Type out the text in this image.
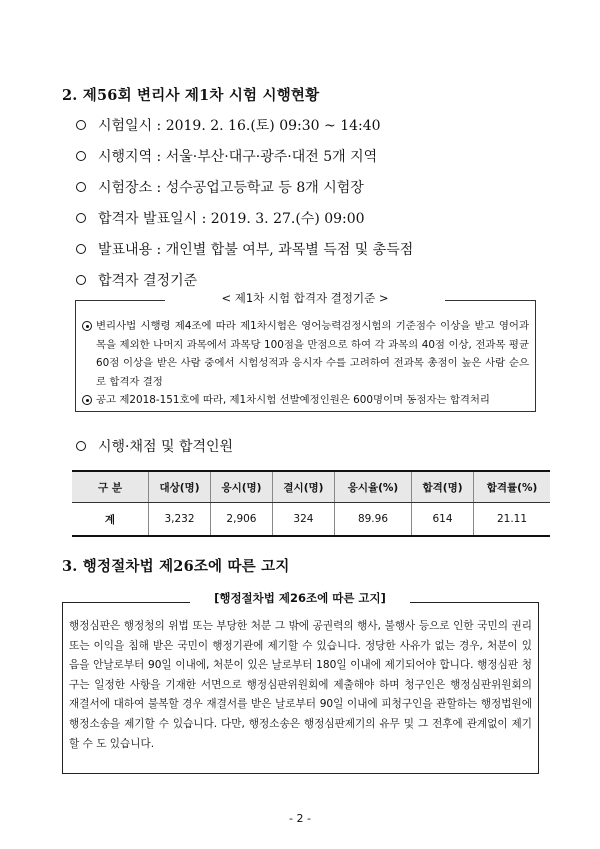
2. 제56회 변리사 제1차 시험 시행현황
시험일시 : 2019. 2. 16.(토) 09:30 ~ 14:40
시행지역 : 서울·부산·대구·광주·대전 5개 지역
시험장소 : 성수공업고등학교 등 8개 시험장
합격자 발표일시 : 2019. 3. 27.(수) 09:00
발표내용 : 개인별 합불 여부, 과목별 득점 및 총득점
합격자 결정기준
변리사법 시행령 제4조에 따라 제1차시험은 영어능력검정시험의 기준점수 이상을 받고 영어과목을 제외한 나머지 과목에서 과목당 100점을 만점으로 하여 각 과목의 40점 이상, 전과목 평균 60점 이상을 받은 사람 중에서 시험성적과 응시자 수를 고려하여 전과목 총점이 높은 사람 순으로 합격자 결정
공고 제2018-151호에 따라, 제1차시험 선발예정인원은 600명이며 동점자는 합격처리
< 제1차 시험 합격자 결정기준 >
시행·채점 및 합격인원
구 분	대상(명)	응시(명)	결시(명)	응시율(%)	합격(명)	합격률(%)
계	3,232	2,906	324	89.96	614	21.11
3. 행정절차법 제26조에 따른 고지
행정심판은 행정청의 위법 또는 부당한 처분 그 밖에 공권력의 행사, 불행사 등으로 인한 국민의 권리 또는 이익을 침해 받은 국민이 행정기관에 제기할 수 있습니다. 정당한 사유가 없는 경우, 처분이 있음을 안날로부터 90일 이내에, 처분이 있은 날로부터 180일 이내에 제기되어야 합니다. 행정심판 청구는 일정한 사항을 기재한 서면으로 행정심판위원회에 제출해야 하며 청구인은 행정심판위원회의 재결서에 대하여 불복할 경우 재결서를 받은 날로부터 90일 이내에 피청구인을 관할하는 행정법원에 행정소송을 제기할 수 있습니다. 다만, 행정소송은 행정심판제기의 유무 및 그 전후에 관계없이 제기할 수 도 있습니다.
[행정절차법 제26조에 따른 고지]
- 2 -
